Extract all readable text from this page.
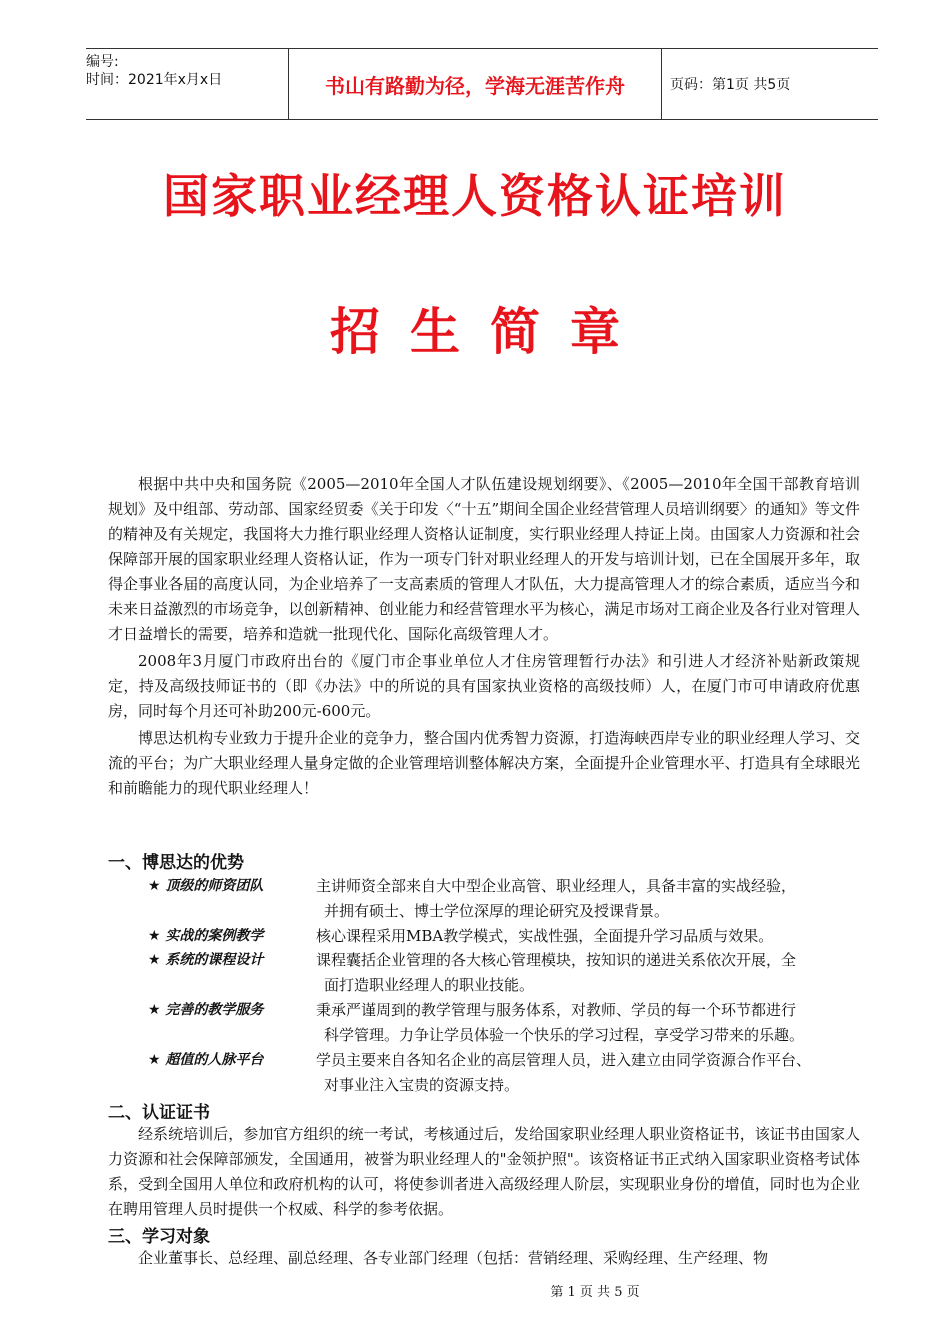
编号:
时间：2021年x月x日	书山有路勤为径，学海无涯苦作舟	页码：第1页 共5页
国家职业经理人资格认证培训
招生简章

根据中共中央和国务院《2005—2010年全国人才队伍建设规划纲要》、《2005—2010年全国干部教育培训规划》及中组部、劳动部、国家经贸委《关于印发〈“十五”期间全国企业经营管理人员培训纲要〉的通知》等文件的精神及有关规定，我国将大力推行职业经理人资格认证制度，实行职业经理人持证上岗。由国家人力资源和社会保障部开展的国家职业经理人资格认证，作为一项专门针对职业经理人的开发与培训计划，已在全国展开多年，取得企事业各届的高度认同，为企业培养了一支高素质的管理人才队伍，大力提高管理人才的综合素质，适应当今和未来日益激烈的市场竞争，以创新精神、创业能力和经营管理水平为核心，满足市场对工商企业及各行业对管理人才日益增长的需要，培养和造就一批现代化、国际化高级管理人才。

2008年3月厦门市政府出台的《厦门市企事业单位人才住房管理暂行办法》和引进人才经济补贴新政策规定，持及高级技师证书的（即《办法》中的所说的具有国家执业资格的高级技师）人，在厦门市可申请政府优惠房，同时每个月还可补助200元-600元。

博思达机构专业致力于提升企业的竞争力，整合国内优秀智力资源，打造海峡西岸专业的职业经理人学习、交流的平台；为广大职业经理人量身定做的企业管理培训整体解决方案，全面提升企业管理水平、打造具有全球眼光和前瞻能力的现代职业经理人！

一、博思达的优势
★ 顶级的师资团队	主讲师资全部来自大中型企业高管、职业经理人，具备丰富的实战经验，
并拥有硕士、博士学位深厚的理论研究及授课背景。
★ 实战的案例教学	核心课程采用MBA教学模式，实战性强，全面提升学习品质与效果。
★ 系统的课程设计	课程囊括企业管理的各大核心管理模块，按知识的递进关系依次开展，全
面打造职业经理人的职业技能。
★ 完善的教学服务	秉承严谨周到的教学管理与服务体系，对教师、学员的每一个环节都进行
科学管理。力争让学员体验一个快乐的学习过程，享受学习带来的乐趣。
★ 超值的人脉平台	学员主要来自各知名企业的高层管理人员，进入建立由同学资源合作平台、
对事业注入宝贵的资源支持。
二、认证证书

经系统培训后，参加官方组织的统一考试，考核通过后，发给国家职业经理人职业资格证书，该证书由国家人力资源和社会保障部颁发，全国通用，被誉为职业经理人的"金领护照"。该资格证书正式纳入国家职业资格考试体系，受到全国用人单位和政府机构的认可，将使参训者进入高级经理人阶层，实现职业身份的增值，同时也为企业在聘用管理人员时提供一个权威、科学的参考依据。

三、学习对象

企业董事长、总经理、副总经理、各专业部门经理（包括：营销经理、采购经理、生产经理、物

第 1 页 共 5 页
